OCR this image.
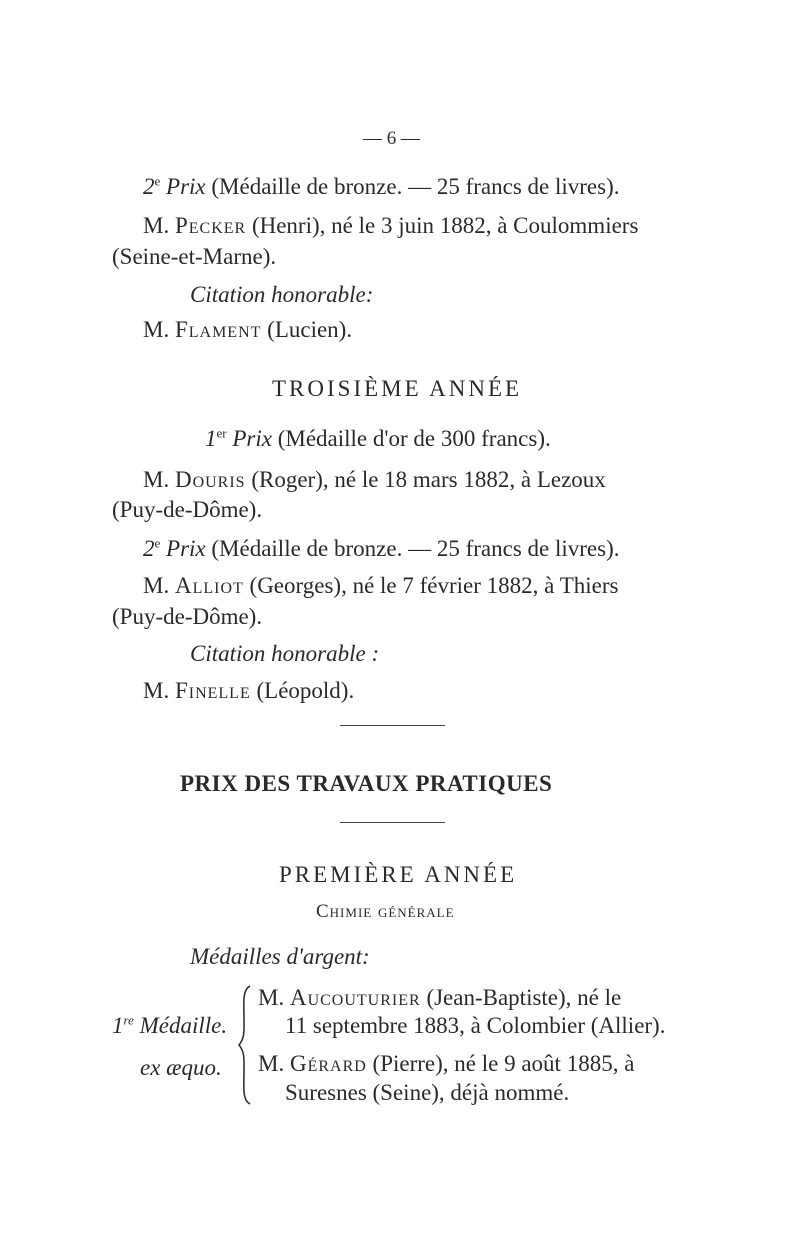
— 6 —
2e Prix (Médaille de bronze. — 25 francs de livres).
M. Pecker (Henri), né le 3 juin 1882, à Coulommiers
(Seine-et-Marne).
Citation honorable:
M. Flament (Lucien).
TROISIÈME ANNÉE
1er Prix (Médaille d'or de 300 francs).
M. Douris (Roger), né le 18 mars 1882, à Lezoux
(Puy-de-Dôme).
2e Prix (Médaille de bronze. — 25 francs de livres).
M. Alliot (Georges), né le 7 février 1882, à Thiers
(Puy-de-Dôme).
Citation honorable :
M. Finelle (Léopold).
PRIX DES TRAVAUX PRATIQUES
PREMIÈRE ANNÉE
Chimie générale
Médailles d'argent:
1re Médaille.
ex æquo.
M. Aucouturier (Jean-Baptiste), né le
11 septembre 1883, à Colombier (Allier).
M. Gérard (Pierre), né le 9 août 1885, à
Suresnes (Seine), déjà nommé.
